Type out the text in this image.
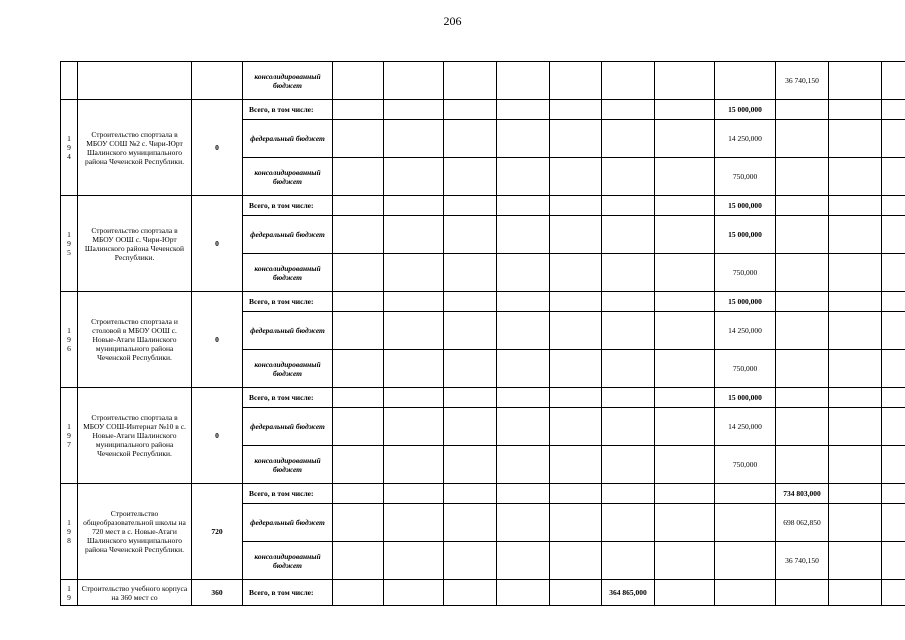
206
			консолидированный бюджет									36 740,150		

1
9
4	Строительство спортзала в МБОУ СОШ №2 с. Чири-Юрт Шалинского муниципального района Чеченской Республики.	0	Всего, в том числе:								15 000,000			
			федеральный бюджет								14 250,000			
			консолидированный бюджет								750,000			

1
9
5	Строительство спортзала в МБОУ ООШ с. Чири-Юрт Шалинского района Чеченской Республики.	0	Всего, в том числе:								15 000,000			
			федеральный бюджет								15 000,000			
			консолидированный бюджет								750,000			

1
9
6	Строительство спортзала и столовой в МБОУ ООШ с. Новые-Атаги Шалинского муниципального района Чеченской Республики.	0	Всего, в том числе:								15 000,000			
			федеральный бюджет								14 250,000			
			консолидированный бюджет								750,000			

1
9
7	Строительство спортзала в МБОУ СОШ-Интернат №10 в с. Новые-Атаги Шалинского муниципального района Чеченской Республики.	0	Всего, в том числе:								15 000,000			
			федеральный бюджет								14 250,000			
			консолидированный бюджет								750,000			

1
9
8	Строительство общеобразовательной школы на 720 мест в с. Новые-Атаги Шалинского муниципального района Чеченской Республики.	720	Всего, в том числе:									734 803,000		
			федеральный бюджет									698 062,850		
			консолидированный бюджет									36 740,150		

1
9	Строительство учебного корпуса на 360 мест со	360	Всего, в том числе:						364 865,000					
